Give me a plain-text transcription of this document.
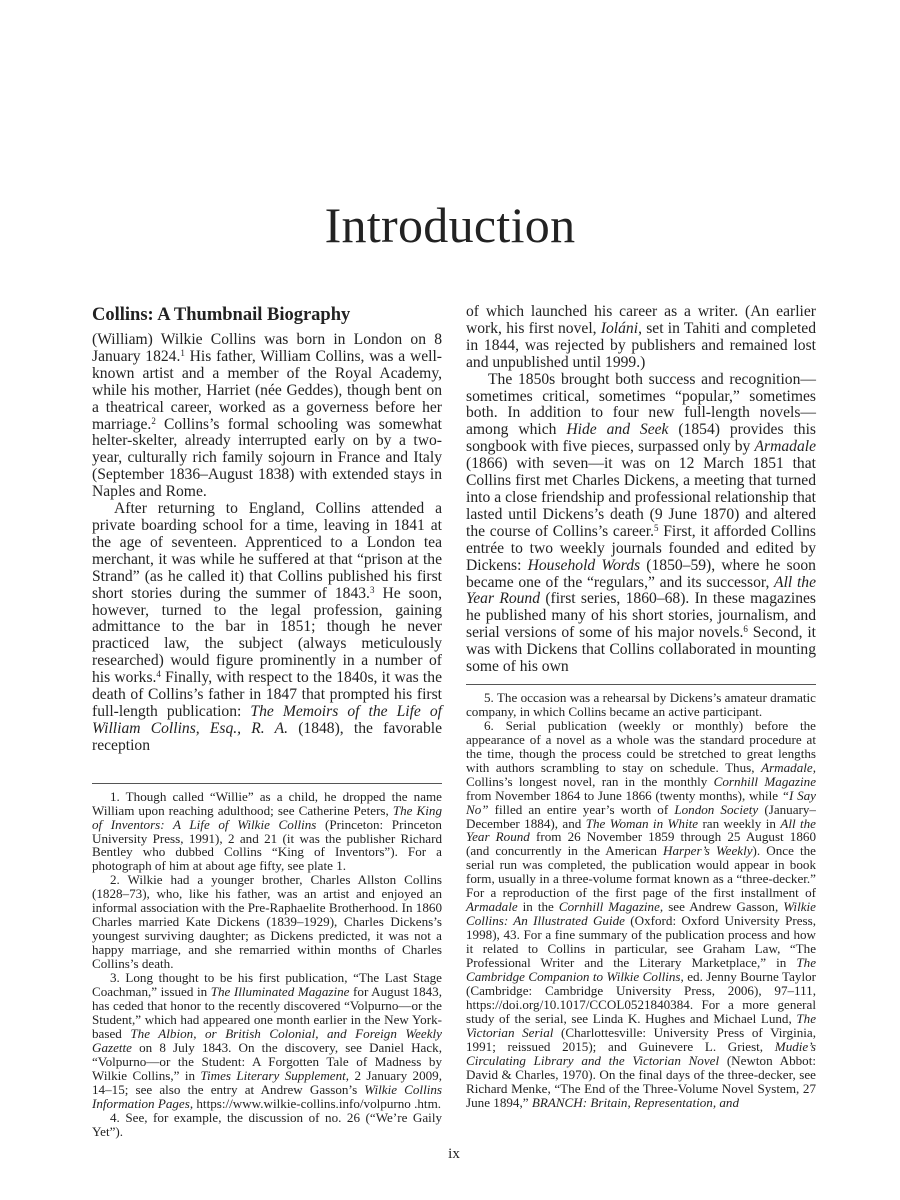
Introduction
Collins: A Thumbnail Biography

(William) Wilkie Collins was born in London on 8 January 1824.$^1$ His father, William Collins, was a well-known artist and a member of the Royal Academy, while his mother, Harriet (née Geddes), though bent on a theatrical career, worked as a governess before her marriage.$^2$ Collins’s formal schooling was somewhat helter-skelter, already interrupted early on by a two-year, culturally rich family sojourn in France and Italy (September 1836–August 1838) with extended stays in Naples and Rome.

After returning to England, Collins attended a private boarding school for a time, leaving in 1841 at the age of seventeen. Apprenticed to a London tea merchant, it was while he suffered at that “prison at the Strand” (as he called it) that Collins published his first short stories during the summer of 1843.$^3$ He soon, however, turned to the legal profession, gaining admittance to the bar in 1851; though he never practiced law, the subject (always meticulously researched) would figure prominently in a number of his works.$^4$ Finally, with respect to the 1840s, it was the death of Collins’s father in 1847 that prompted his first full-length publication: The Memoirs of the Life of William Collins, Esq., R. A. (1848), the favorable reception

1. Though called “Willie” as a child, he dropped the name William upon reaching adulthood; see Catherine Peters, The King of Inventors: A Life of Wilkie Collins (Princeton: Princeton University Press, 1991), 2 and 21 (it was the publisher Richard Bentley who dubbed Collins “King of Inventors”). For a photograph of him at about age fifty, see plate 1.

2. Wilkie had a younger brother, Charles Allston Collins (1828–73), who, like his father, was an artist and enjoyed an informal association with the Pre-Raphaelite Brotherhood. In 1860 Charles married Kate Dickens (1839–1929), Charles Dickens’s youngest surviving daughter; as Dickens predicted, it was not a happy marriage, and she remarried within months of Charles Collins’s death.

3. Long thought to be his first publication, “The Last Stage Coachman,” issued in The Illuminated Magazine for August 1843, has ceded that honor to the recently discovered “Volpurno—or the Student,” which had appeared one month earlier in the New York-based The Albion, or British Colonial, and Foreign Weekly Gazette on 8 July 1843. On the discovery, see Daniel Hack, “Volpurno—or the Student: A Forgotten Tale of Madness by Wilkie Collins,” in Times Literary Supplement, 2 January 2009, 14–15; see also the entry at Andrew Gasson’s Wilkie Collins Information Pages, https://www.wilkie-collins.info/volpurno .htm.

4. See, for example, the discussion of no. 26 (“We’re Gaily Yet”).

of which launched his career as a writer. (An earlier work, his first novel, Ioláni, set in Tahiti and completed in 1844, was rejected by publishers and remained lost and unpublished until 1999.)

The 1850s brought both success and recognition—sometimes critical, sometimes “popular,” sometimes both. In addition to four new full-length novels—among which Hide and Seek (1854) provides this songbook with five pieces, surpassed only by Armadale (1866) with seven—it was on 12 March 1851 that Collins first met Charles Dickens, a meeting that turned into a close friendship and professional relationship that lasted until Dickens’s death (9 June 1870) and altered the course of Collins’s career.$^5$ First, it afforded Collins entrée to two weekly journals founded and edited by Dickens: Household Words (1850–59), where he soon became one of the “regulars,” and its successor, All the Year Round (first series, 1860–68). In these magazines he published many of his short stories, journalism, and serial versions of some of his major novels.$^6$ Second, it was with Dickens that Collins collaborated in mounting some of his own

5. The occasion was a rehearsal by Dickens’s amateur dramatic company, in which Collins became an active participant.

6. Serial publication (weekly or monthly) before the appearance of a novel as a whole was the standard procedure at the time, though the process could be stretched to great lengths with authors scrambling to stay on schedule. Thus, Armadale, Collins’s longest novel, ran in the monthly Cornhill Magazine from November 1864 to June 1866 (twenty months), while “I Say No” filled an entire year’s worth of London Society (January–December 1884), and The Woman in White ran weekly in All the Year Round from 26 November 1859 through 25 August 1860 (and concurrently in the American Harper’s Weekly). Once the serial run was completed, the publication would appear in book form, usually in a three-volume format known as a “three-decker.” For a reproduction of the first page of the first installment of Armadale in the Cornhill Magazine, see Andrew Gasson, Wilkie Collins: An Illustrated Guide (Oxford: Oxford University Press, 1998), 43. For a fine summary of the publication process and how it related to Collins in particular, see Graham Law, “The Professional Writer and the Literary Marketplace,” in The Cambridge Companion to Wilkie Collins, ed. Jenny Bourne Taylor (Cambridge: Cambridge University Press, 2006), 97–111, https://doi.org/10.1017/CCOL0521840384. For a more general study of the serial, see Linda K. Hughes and Michael Lund, The Victorian Serial (Charlottesville: University Press of Virginia, 1991; reissued 2015); and Guinevere L. Griest, Mudie’s Circulating Library and the Victorian Novel (Newton Abbot: David & Charles, 1970). On the final days of the three-decker, see Richard Menke, “The End of the Three-Volume Novel System, 27 June 1894,” BRANCH: Britain, Representation, and

ix
